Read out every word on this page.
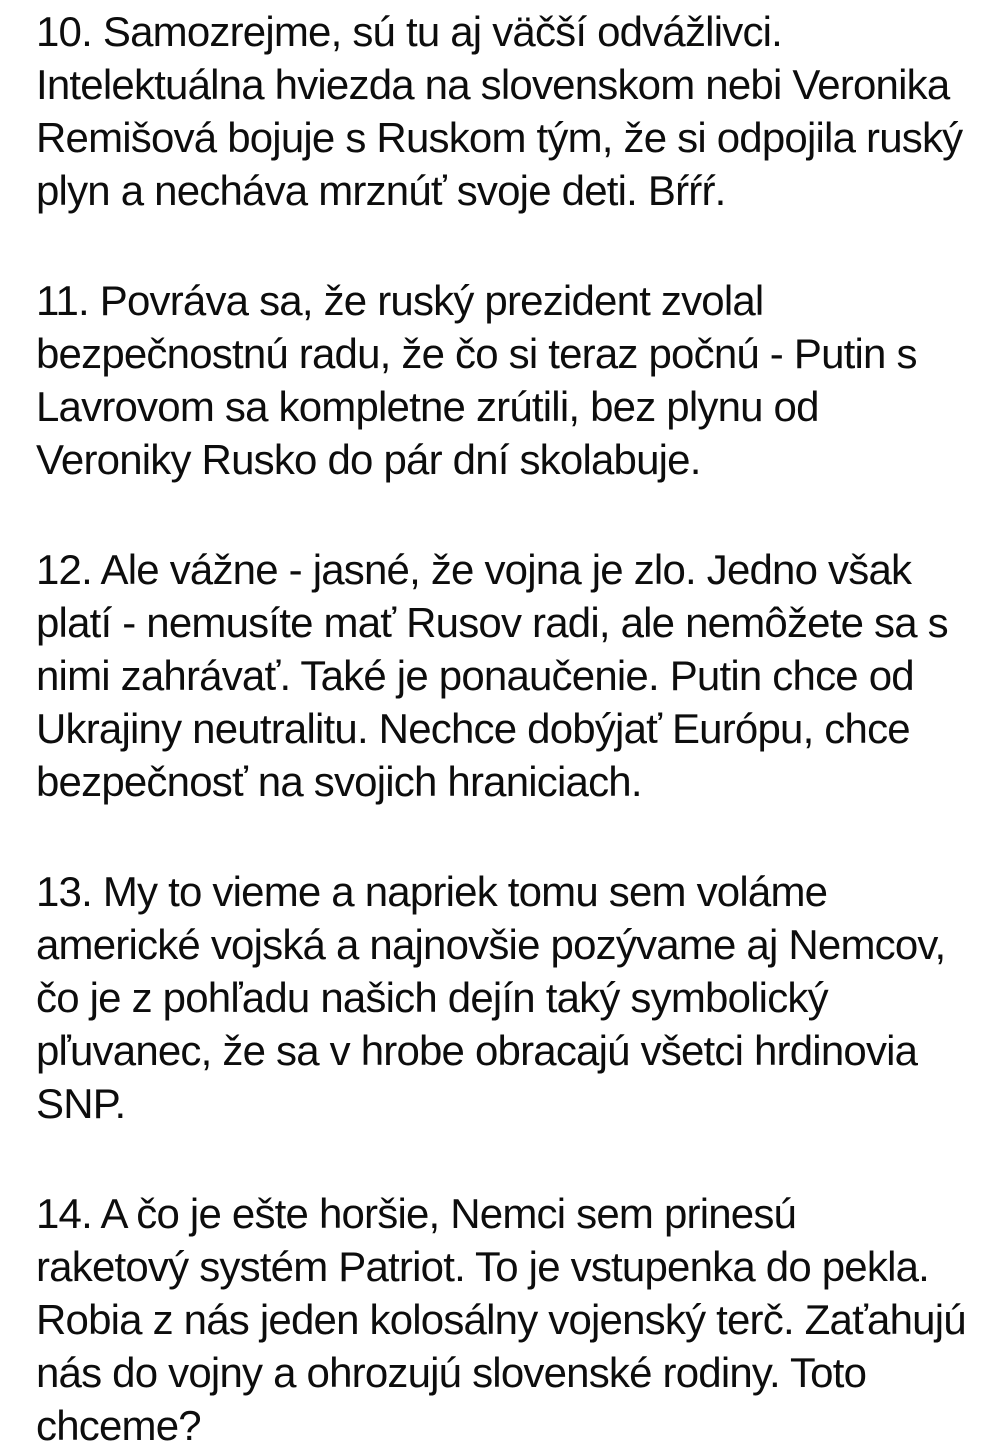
10. Samozrejme, sú tu aj väčší odvážlivci.
Intelektuálna hviezda na slovenskom nebi Veronika
Remišová bojuje s Ruskom tým, že si odpojila ruský
plyn a necháva mrznúť svoje deti. Bŕŕŕ.
11. Povráva sa, že ruský prezident zvolal
bezpečnostnú radu, že čo si teraz počnú - Putin s
Lavrovom sa kompletne zrútili, bez plynu od
Veroniky Rusko do pár dní skolabuje.
12. Ale vážne - jasné, že vojna je zlo. Jedno však
platí - nemusíte mať Rusov radi, ale nemôžete sa s
nimi zahrávať. Také je ponaučenie. Putin chce od
Ukrajiny neutralitu. Nechce dobýjať Európu, chce
bezpečnosť na svojich hraniciach.
13. My to vieme a napriek tomu sem voláme
americké vojská a najnovšie pozývame aj Nemcov,
čo je z pohľadu našich dejín taký symbolický
pľuvanec, že sa v hrobe obracajú všetci hrdinovia
SNP.
14. A čo je ešte horšie, Nemci sem prinesú
raketový systém Patriot. To je vstupenka do pekla.
Robia z nás jeden kolosálny vojenský terč. Zaťahujú
nás do vojny a ohrozujú slovenské rodiny. Toto
chceme?
